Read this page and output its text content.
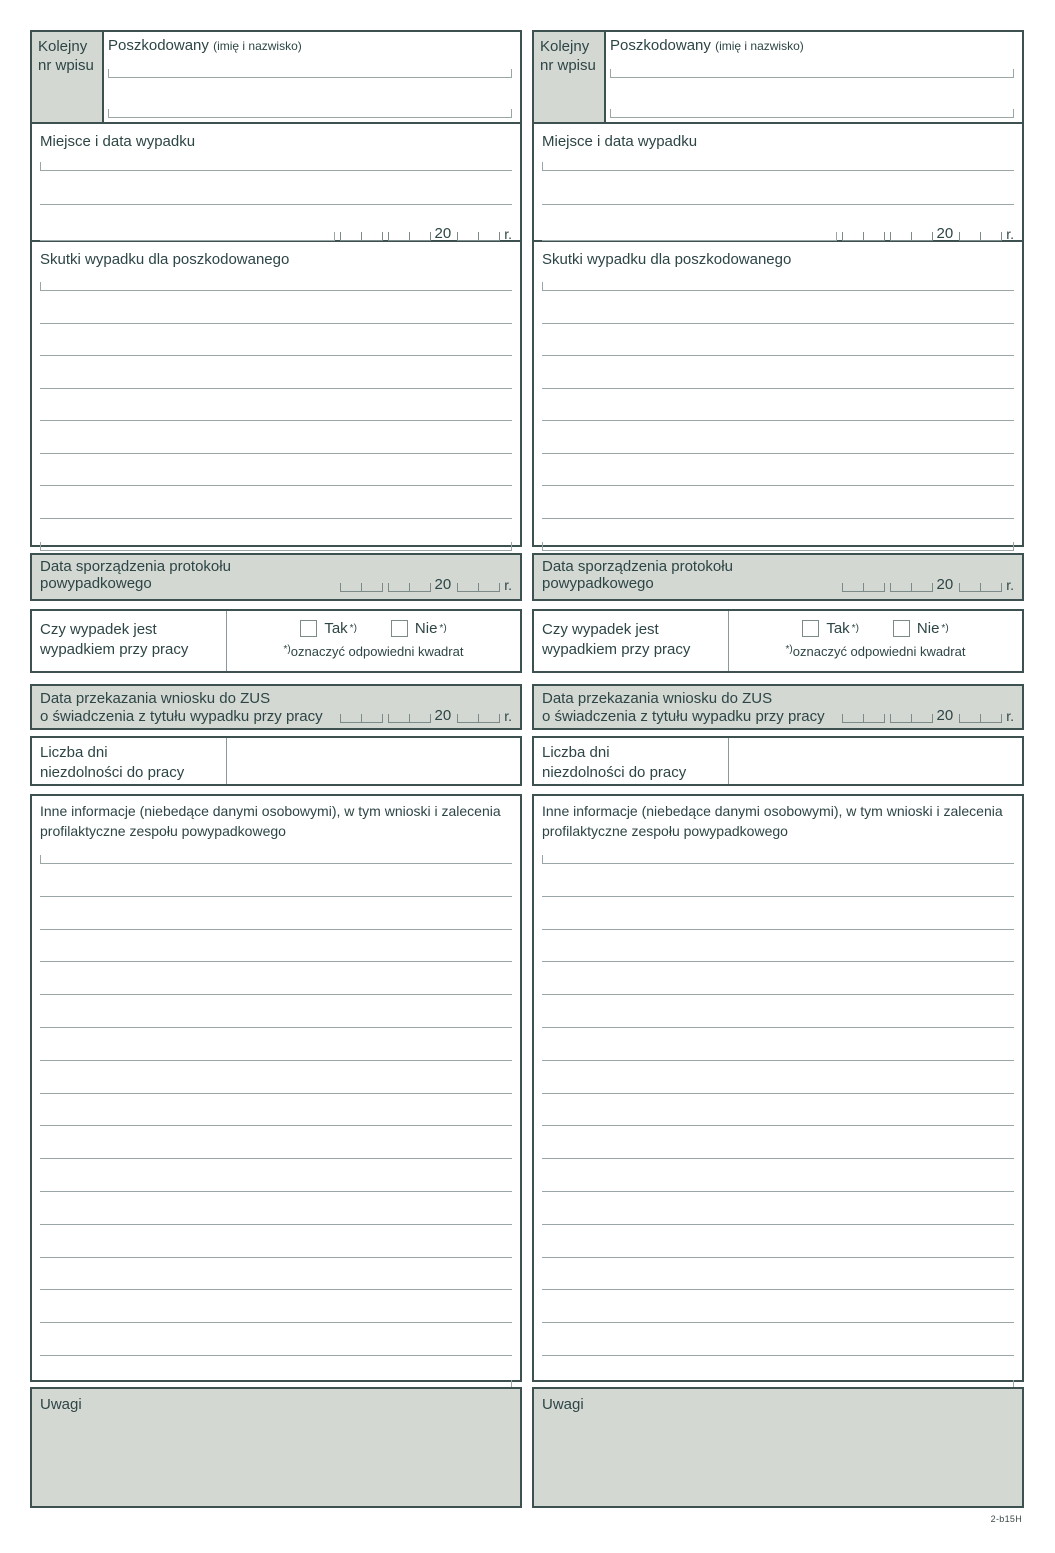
Kolejny nr wpisu
Poszkodowany (imię i nazwisko)
Miejsce i data wypadku
20	r.
Skutki wypadku dla poszkodowanego
Data sporządzenia protokołu powypadkowego	20	r.
Czy wypadek jest
wypadkiem przy pracy
Tak *)	Nie *)
*)oznaczyć odpowiedni kwadrat
Data przekazania wniosku do ZUS
o świadczenia z tytułu wypadku przy pracy	20	r.
Liczba dni
niezdolności do pracy
Inne informacje (niebedące danymi osobowymi), w tym wnioski i zalecenia
profilaktyczne zespołu powypadkowego
Uwagi
Kolejny nr wpisu
Poszkodowany (imię i nazwisko)
Miejsce i data wypadku
20	r.
Skutki wypadku dla poszkodowanego
Data sporządzenia protokołu powypadkowego	20	r.
Czy wypadek jest
wypadkiem przy pracy
Tak *)	Nie *)
*)oznaczyć odpowiedni kwadrat
Data przekazania wniosku do ZUS
o świadczenia z tytułu wypadku przy pracy	20	r.
Liczba dni
niezdolności do pracy
Inne informacje (niebedące danymi osobowymi), w tym wnioski i zalecenia
profilaktyczne zespołu powypadkowego
Uwagi
2-b15H
